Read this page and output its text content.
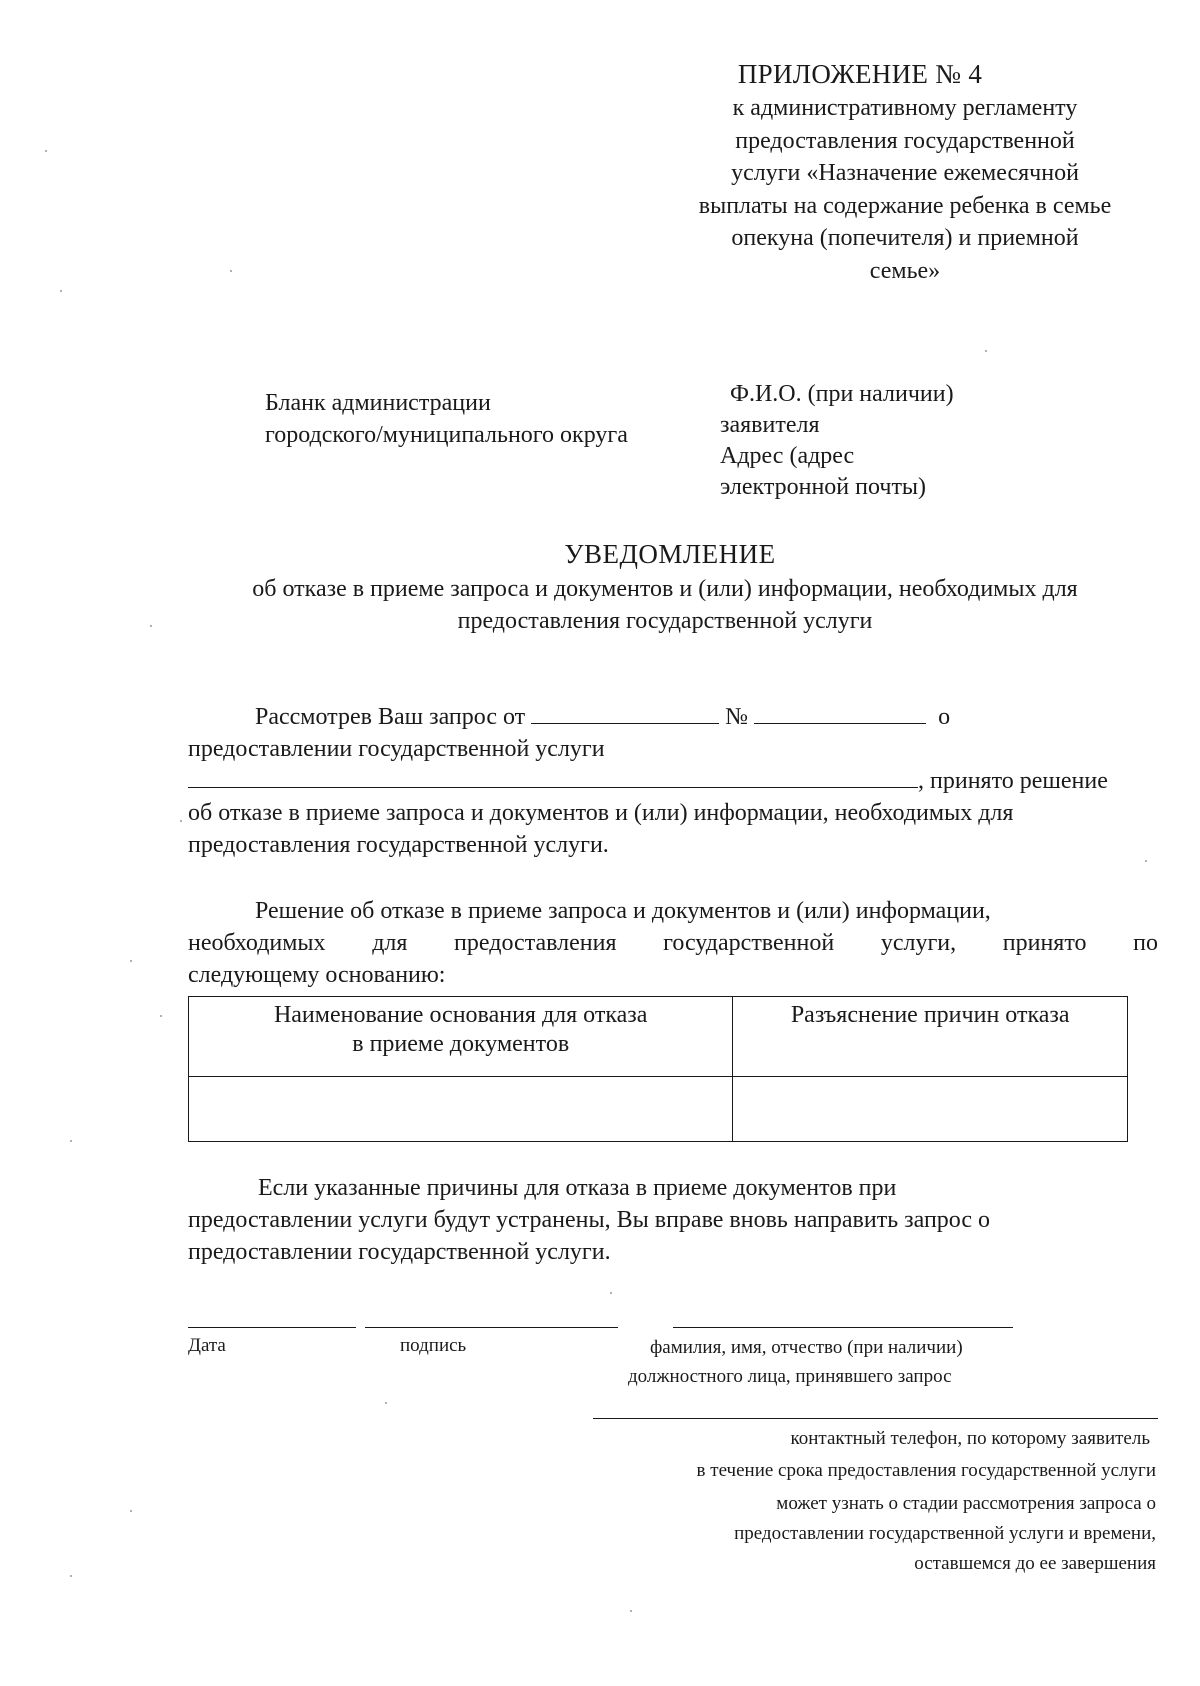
ПРИЛОЖЕНИЕ № 4
к административному регламенту
предоставления государственной
услуги «Назначение ежемесячной
выплаты на содержание ребенка в семье
опекуна (попечителя) и приемной
семье»
Бланк администрации
городского/муниципального округа
Ф.И.О. (при наличии)
заявителя
Адрес (адрес
электронной почты)
УВЕДОМЛЕНИЕ
об отказе в приеме запроса и документов и (или) информации, необходимых для
предоставления государственной услуги
Рассмотрев Ваш запрос от	№	о
предоставлении государственной услуги
, принято решение
об отказе в приеме запроса и документов и (или) информации, необходимых для
предоставления государственной услуги.
Решение об отказе в приеме запроса и документов и (или) информации,
необходимых для предоставления государственной услуги, принято по
следующему основанию:
Наименование основания для отказа
в приеме документов	Разъяснение причин отказа

Если указанные причины для отказа в приеме документов при
предоставлении услуги будут устранены, Вы вправе вновь направить запрос о
предоставлении государственной услуги.
Дата	подпись	фамилия, имя, отчество (при наличии)
должностного лица, принявшего запрос
контактный телефон, по которому заявитель
в течение срока предоставления государственной услуги
может узнать о стадии рассмотрения запроса о
предоставлении государственной услуги и времени,
оставшемся до ее завершения
